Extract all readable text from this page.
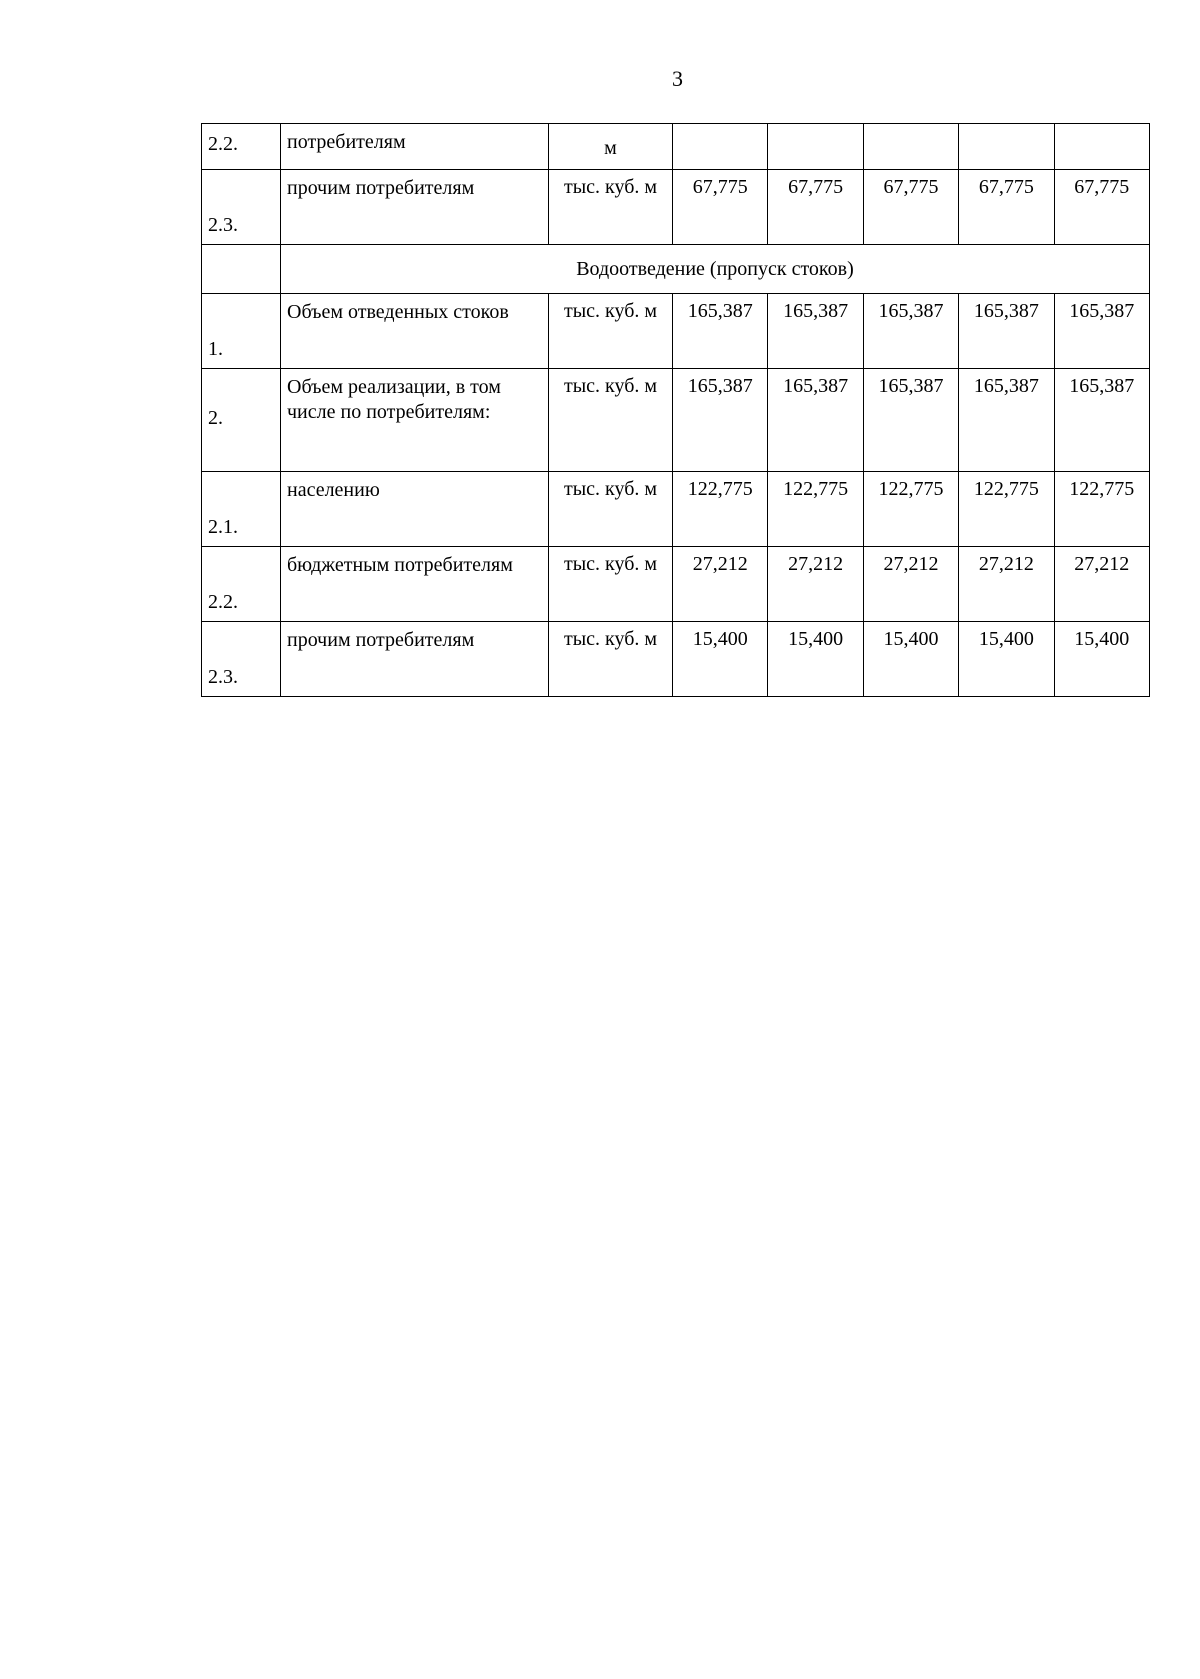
3
2.2.	потребителям	м					
2.3.	прочим потребителям	тыс. куб. м	67,775	67,775	67,775	67,775	67,775
	Водоотведение (пропуск стоков)						
1.	Объем отведенных стоков	тыс. куб. м	165,387	165,387	165,387	165,387	165,387
2.	Объем реализации, в том числе по потребителям:	тыс. куб. м	165,387	165,387	165,387	165,387	165,387
2.1.	населению	тыс. куб. м	122,775	122,775	122,775	122,775	122,775
2.2.	бюджетным потребителям	тыс. куб. м	27,212	27,212	27,212	27,212	27,212
2.3.	прочим потребителям	тыс. куб. м	15,400	15,400	15,400	15,400	15,400
